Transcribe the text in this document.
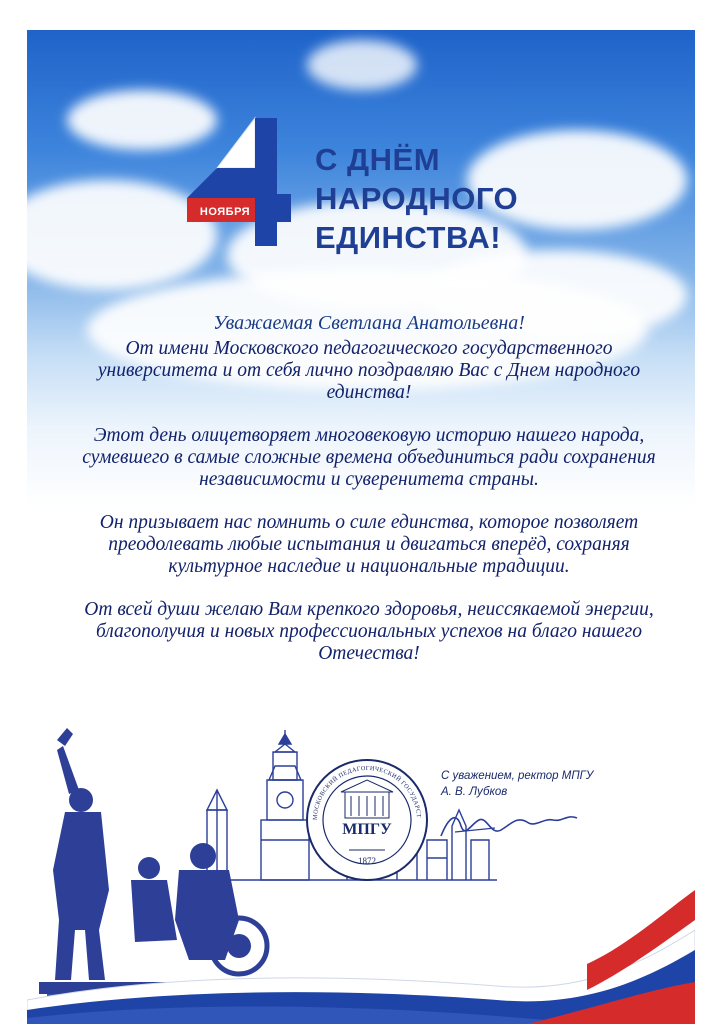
НОЯБРЯ
С ДНЁМ
НАРОДНОГО
ЕДИНСТВА!
Уважаемая Светлана Анатольевна!

От имени Московского педагогического государственного университета и от себя лично поздравляю Вас с Днем народного единства!

Этот день олицетворяет многовековую историю нашего народа, сумевшего в самые сложные времена объединиться ради сохранения независимости и суверенитета страны.

Он призывает нас помнить о силе единства, которое позволяет преодолевать любые испытания и двигаться вперёд, сохраняя культурное наследие и национальные традиции.

От всей души желаю Вам крепкого здоровья, неиссякаемой энергии, благополучия и новых профессиональных успехов на благо нашего Отечества!

МОСКОВСКИЙ ПЕДАГОГИЧЕСКИЙ ГОСУДАРСТ
МПГУ
1872
С уважением, ректор МПГУ
А. В. Лубков
